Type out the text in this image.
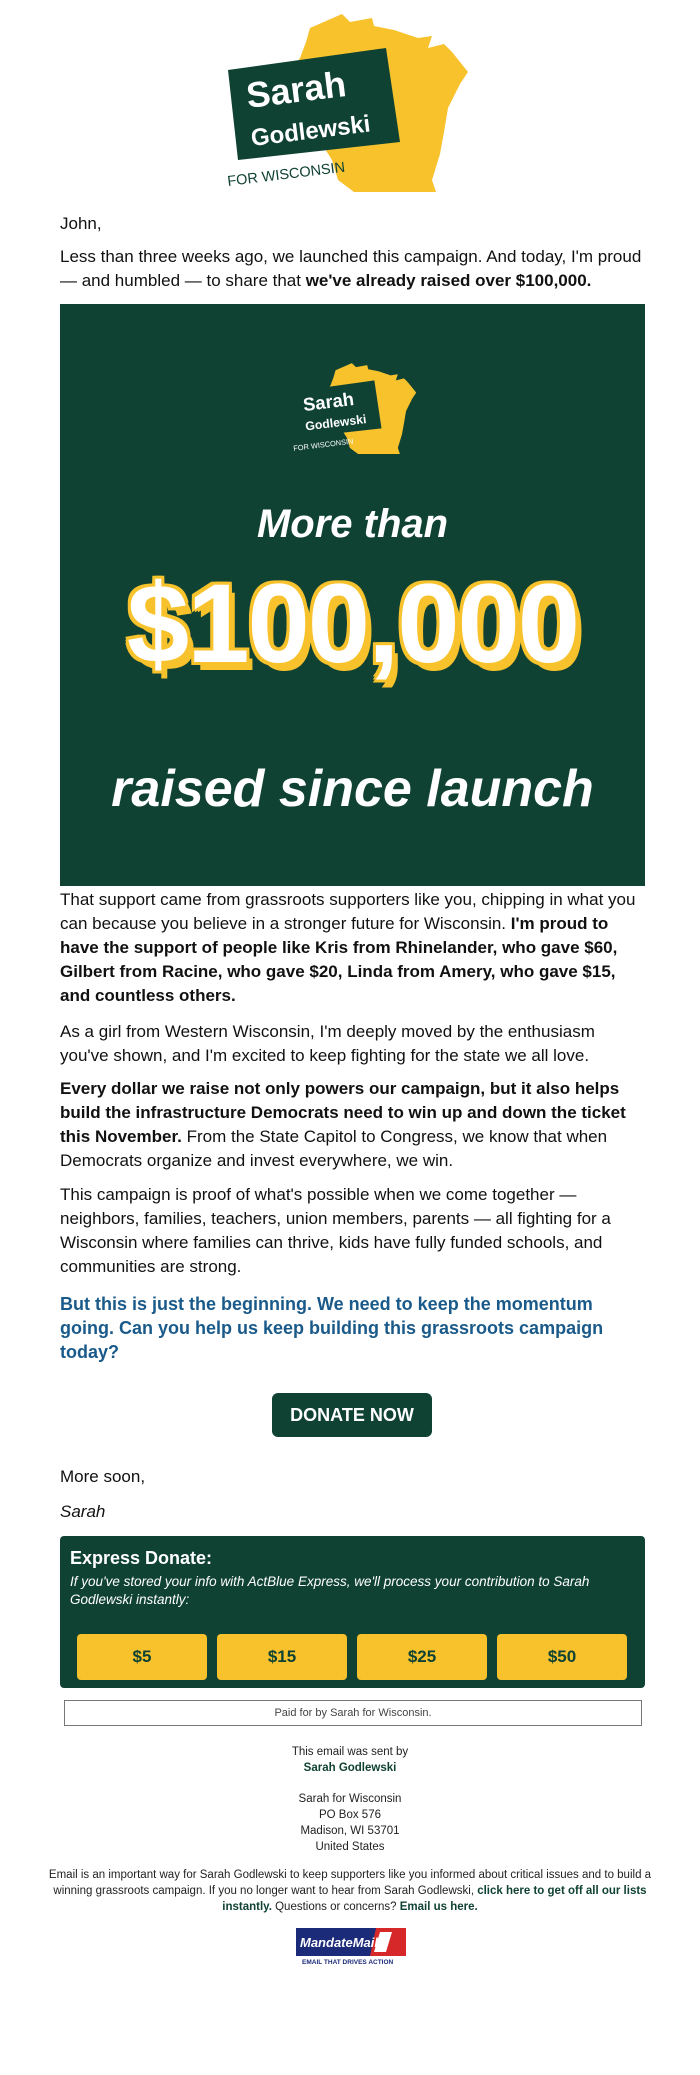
Sarah
Godlewski
FOR WISCONSIN

John,

Less than three weeks ago, we launched this campaign. And today, I'm proud — and humbled — to share that we've already raised over $100,000.

Sarah
Godlewski
FOR WISCONSIN
More than
$100,000
raised since launch

That support came from grassroots supporters like you, chipping in what you can because you believe in a stronger future for Wisconsin. I'm proud to have the support of people like Kris from Rhinelander, who gave $60, Gilbert from Racine, who gave $20, Linda from Amery, who gave $15, and countless others.

As a girl from Western Wisconsin, I'm deeply moved by the enthusiasm you've shown, and I'm excited to keep fighting for the state we all love.

Every dollar we raise not only powers our campaign, but it also helps build the infrastructure Democrats need to win up and down the ticket this November. From the State Capitol to Congress, we know that when Democrats organize and invest everywhere, we win.

This campaign is proof of what's possible when we come together — neighbors, families, teachers, union members, parents — all fighting for a Wisconsin where families can thrive, kids have fully funded schools, and communities are strong.

But this is just the beginning. We need to keep the momentum going. Can you help us keep building this grassroots campaign today?

DONATE NOW

More soon,

Sarah

Express Donate:
If you've stored your info with ActBlue Express, we'll process your contribution to Sarah Godlewski instantly:
$5	$15	$25	$50
Paid for by Sarah for Wisconsin.
This email was sent by
Sarah Godlewski
Sarah for Wisconsin
PO Box 576
Madison, WI 53701
United States
Email is an important way for Sarah Godlewski to keep supporters like you informed about critical issues and to build a winning grassroots campaign. If you no longer want to hear from Sarah Godlewski, click here to get off all our lists instantly. Questions or concerns? Email us here.
MandateMail
EMAIL THAT DRIVES ACTION
